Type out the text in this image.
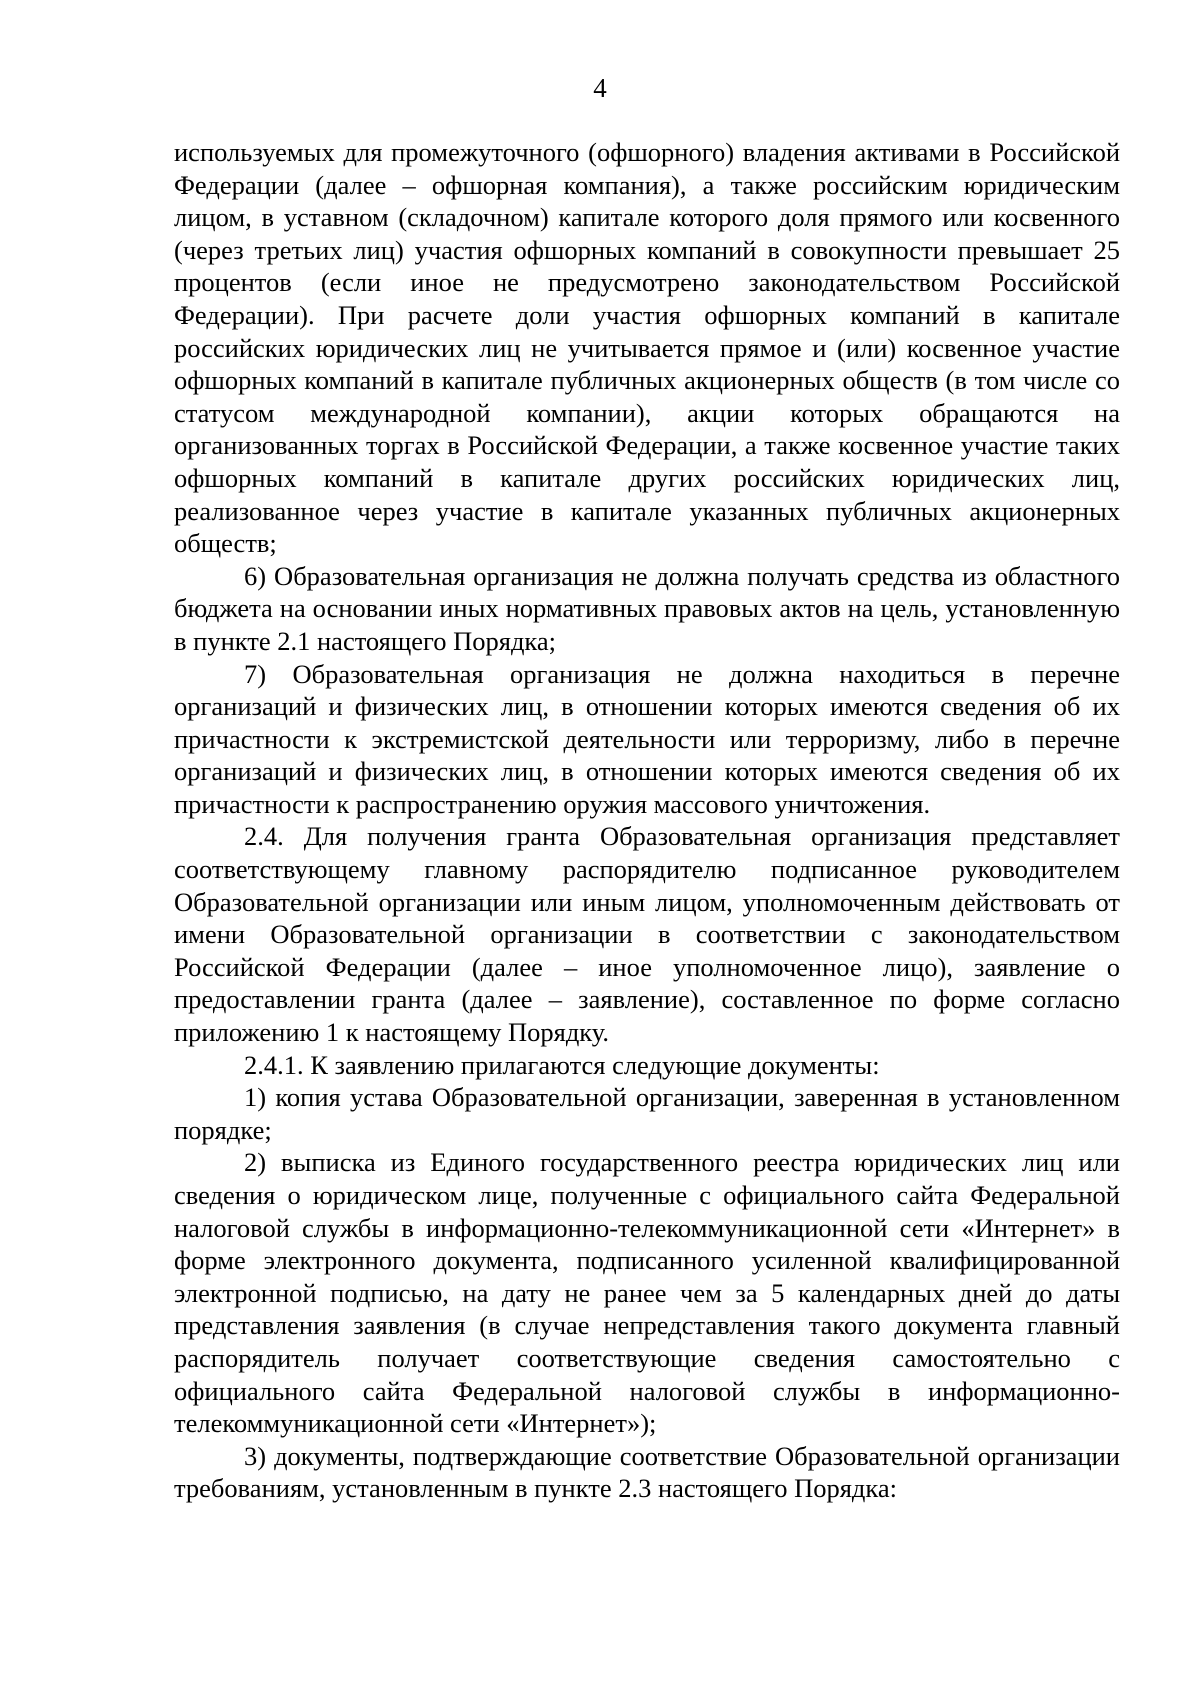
4

используемых для промежуточного (офшорного) владения активами в Российской Федерации (далее – офшорная компания), а также российским юридическим лицом, в уставном (складочном) капитале которого доля прямого или косвенного (через третьих лиц) участия офшорных компаний в совокупности превышает 25 процентов (если иное не предусмотрено законодательством Российской Федерации). При расчете доли участия офшорных компаний в капитале российских юридических лиц не учитывается прямое и (или) косвенное участие офшорных компаний в капитале публичных акционерных обществ (в том числе со статусом международной компании), акции которых обращаются на организованных торгах в Российской Федерации, а также косвенное участие таких офшорных компаний в капитале других российских юридических лиц, реализованное через участие в капитале указанных публичных акционерных обществ;

6) Образовательная организация не должна получать средства из областного бюджета на основании иных нормативных правовых актов на цель, установленную в пункте 2.1 настоящего Порядка;

7) Образовательная организация не должна находиться в перечне организаций и физических лиц, в отношении которых имеются сведения об их причастности к экстремистской деятельности или терроризму, либо в перечне организаций и физических лиц, в отношении которых имеются сведения об их причастности к распространению оружия массового уничтожения.

2.4. Для получения гранта Образовательная организация представляет соответствующему главному распорядителю подписанное руководителем Образовательной организации или иным лицом, уполномоченным действовать от имени Образовательной организации в соответствии с законодательством Российской Федерации (далее – иное уполномоченное лицо), заявление о предоставлении гранта (далее – заявление), составленное по форме согласно приложению 1 к настоящему Порядку.

2.4.1. К заявлению прилагаются следующие документы:

1) копия устава Образовательной организации, заверенная в установленном порядке;

2) выписка из Единого государственного реестра юридических лиц или сведения о юридическом лице, полученные с официального сайта Федеральной налоговой службы в информационно-телекоммуникационной сети «Интернет» в форме электронного документа, подписанного усиленной квалифицированной электронной подписью, на дату не ранее чем за 5 календарных дней до даты представления заявления (в случае непредставления такого документа главный распорядитель получает соответствующие сведения самостоятельно с официального сайта Федеральной налоговой службы в информационно-телекоммуникационной сети «Интернет»);

3) документы, подтверждающие соответствие Образовательной организации требованиям, установленным в пункте 2.3 настоящего Порядка:
